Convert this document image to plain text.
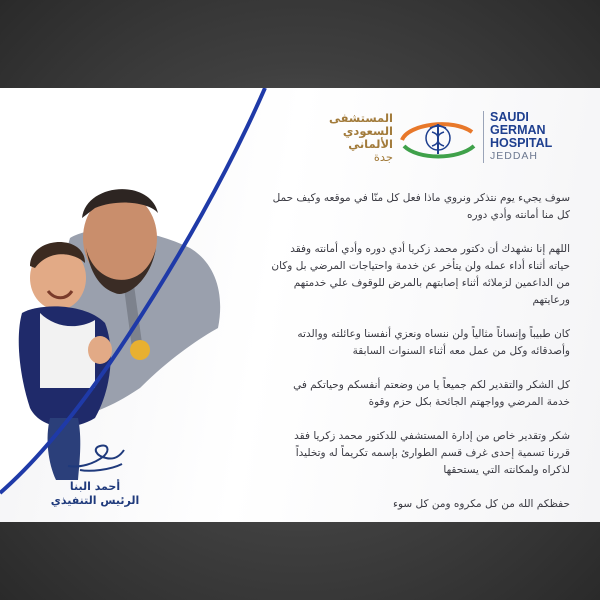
المستشفى
السعودي
الألماني
جدة
SAUDI
GERMAN
HOSPITAL
JEDDAH

سوف يجيء يوم نتذكر ونروي ماذا فعل كل منّا في موقعه وكيف حمل كل منا أمانته وأدي دوره

اللهم إنا نشهدك أن دكتور محمد زكريا أدي دوره وأدي أمانته وفقد حياته أثناء أداء عمله ولن يتأخر عن خدمة واحتياجات المرضي بل وكان من الداعمين لزملائه أثناء إصابتهم بالمرض للوقوف علي خدمتهم ورعايتهم

كان طبيباً وإنساناً مثالياً ولن ننساه ونعزي أنفسنا وعائلته ووالدته وأصدقائه وكل من عمل معه أثناء السنوات السابقة

كل الشكر والتقدير لكم جميعاً يا من وضعتم أنفسكم وحياتكم في خدمة المرضي وواجهتم الجائحة بكل حزم وقوة

شكر وتقدير خاص من إدارة المستشفي للدكتور محمد زكريا فقد قررنا تسمية إحدى غرف قسم الطوارئ بإسمه تكريماً له وتخليداً لذكراه ولمكانته التي يستحقها

حفظكم الله من كل مكروه ومن كل سوء

أحمد البنا
الرئيس التنفيذي
